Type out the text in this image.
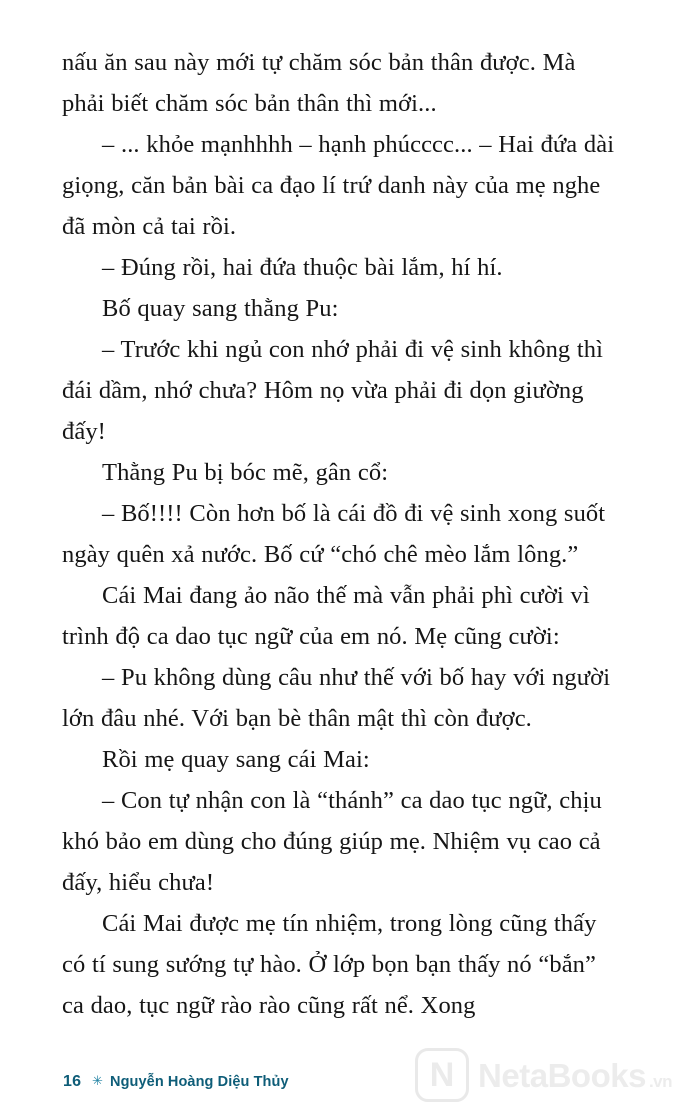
nấu ăn sau này mới tự chăm sóc bản thân được. Mà phải biết chăm sóc bản thân thì mới...

– ... khỏe mạnhhhh – hạnh phúcccc... – Hai đứa dài giọng, căn bản bài ca đạo lí trứ danh này của mẹ nghe đã mòn cả tai rồi.

– Đúng rồi, hai đứa thuộc bài lắm, hí hí.

Bố quay sang thằng Pu:

– Trước khi ngủ con nhớ phải đi vệ sinh không thì đái dầm, nhớ chưa? Hôm nọ vừa phải đi dọn giường đấy!

Thằng Pu bị bóc mẽ, gân cổ:

– Bố!!!! Còn hơn bố là cái đồ đi vệ sinh xong suốt ngày quên xả nước. Bố cứ “chó chê mèo lắm lông.”

Cái Mai đang ảo não thế mà vẫn phải phì cười vì trình độ ca dao tục ngữ của em nó. Mẹ cũng cười:

– Pu không dùng câu như thế với bố hay với người lớn đâu nhé. Với bạn bè thân mật thì còn được.

Rồi mẹ quay sang cái Mai:

– Con tự nhận con là “thánh” ca dao tục ngữ, chịu khó bảo em dùng cho đúng giúp mẹ. Nhiệm vụ cao cả đấy, hiểu chưa!

Cái Mai được mẹ tín nhiệm, trong lòng cũng thấy có tí sung sướng tự hào. Ở lớp bọn bạn thấy nó “bắn” ca dao, tục ngữ rào rào cũng rất nể. Xong

16 ✳ Nguyễn Hoàng Diệu Thủy	N NetaBooks .vn
